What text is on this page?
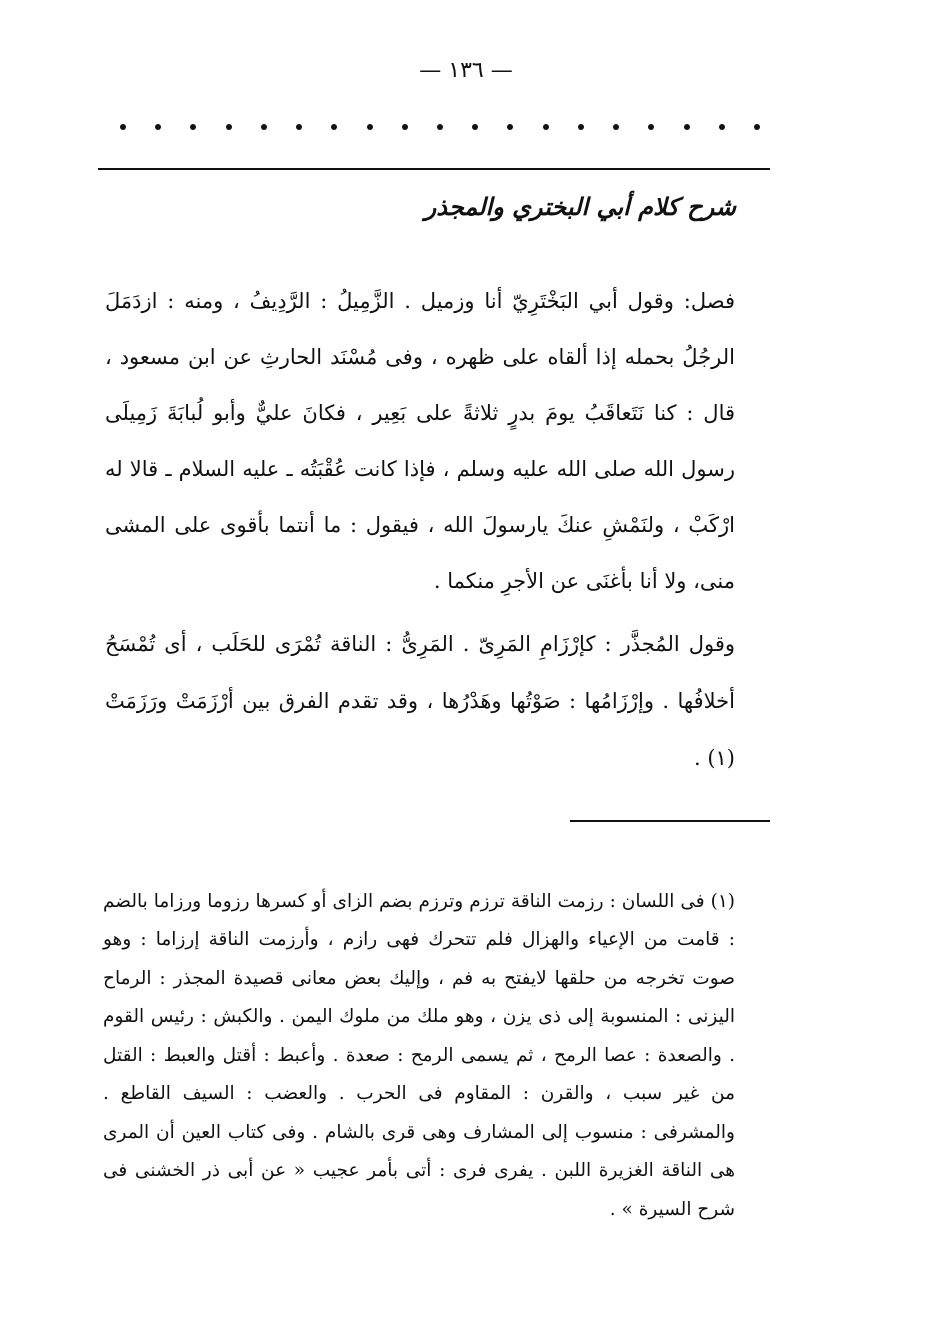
— ١٣٦ —
شرح كلام أبي البختري والمجذر

فصل: وقول أبي البَخْتَرِيّ أنا وزميل . الزَّمِيلُ : الرَّدِيفُ ، ومنه : ازدَمَلَ الرجُلُ بحمله إذا ألقاه على ظهره ، وفى مُسْنَد الحارثِ عن ابن مسعود ، قال : كنا نَتَعاقَبُ يومَ بدرٍ ثلاثةً على بَعِير ، فكانَ عليٌّ وأبو لُبابَةَ زَمِيلَى رسول الله صلى الله عليه وسلم ، فإذا كانت عُقْبَتُه ـ عليه السلام ـ قالا له ارْكَبْ ، ولنَمْشِ عنكَ يارسولَ الله ، فيقول : ما أنتما بأقوى على المشى منى، ولا أنا بأغنَى عن الأجرِ منكما .

وقول المُجذَّر : كإرْزَامِ المَرِىّ . المَرِىُّ : الناقة تُمْرَى للحَلَب ، أى تُمْسَحُ أخلافُها . وإرْزَامُها : صَوْتُها وهَدْرُها ، وقد تقدم الفرق بين أرْزَمَتْ ورَزَمَتْ (١) .

(١) فى اللسان : رزمت الناقة ترزم وترزم بضم الزاى أو كسرها رزوما ورزاما بالضم : قامت من الإعياء والهزال فلم تتحرك فهى رازم ، وأرزمت الناقة إرزاما : وهو صوت تخرجه من حلقها لايفتح به فم ، وإليك بعض معانى قصيدة المجذر : الرماح اليزنى : المنسوبة إلى ذى يزن ، وهو ملك من ملوك اليمن . والكبش : رئيس القوم . والصعدة : عصا الرمح ، ثم يسمى الرمح : صعدة . وأعبط : أقتل والعبط : القتل من غير سبب ، والقرن : المقاوم فى الحرب . والعضب : السيف القاطع . والمشرفى : منسوب إلى المشارف وهى قرى بالشام . وفى كتاب العين أن المرى هى الناقة الغزيرة اللبن . يفرى فرى : أتى بأمر عجيب « عن أبى ذر الخشنى فى شرح السيرة » .
